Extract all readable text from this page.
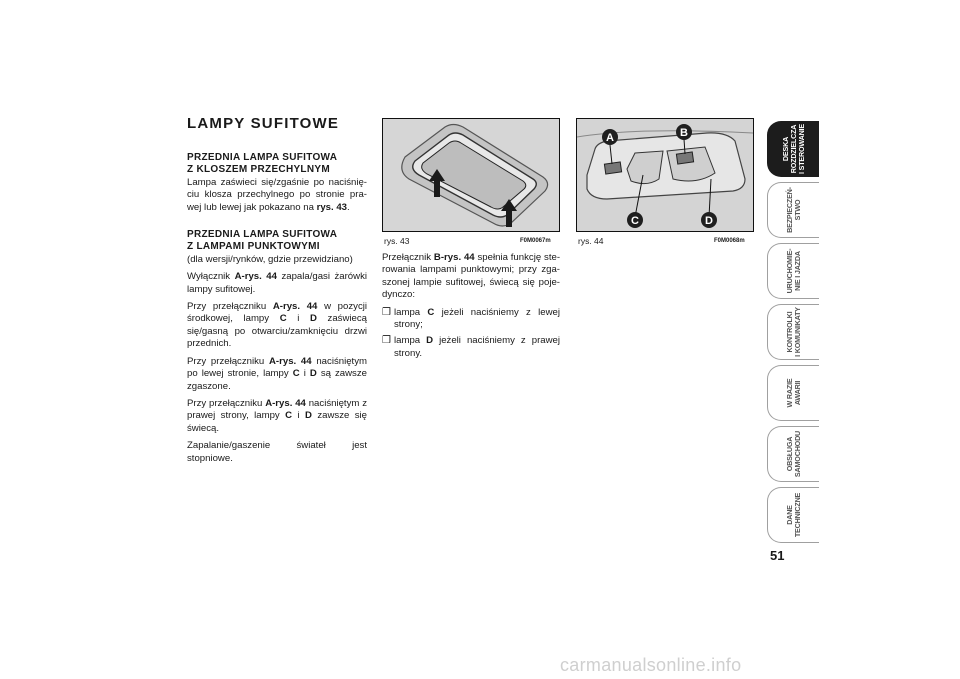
LAMPY SUFITOWE
PRZEDNIA LAMPA SUFITOWA
Z KLOSZEM PRZECHYLNYM

Lampa zaświeci się/zgaśnie po naciśnię-ciu klosza przechylnego po stronie pra-wej lub lewej jak pokazano na rys. 43.

PRZEDNIA LAMPA SUFITOWA
Z LAMPAMI PUNKTOWYMI

(dla wersji/rynków, gdzie przewidziano)

Wyłącznik A-rys. 44 zapala/gasi żarówki lampy sufitowej.

Przy przełączniku A-rys. 44 w pozycji środkowej, lampy C i D zaświecą się/gasną po otwarciu/zamknięciu drzwi przednich.

Przy przełączniku A-rys. 44 naciśniętym po lewej stronie, lampy C i D są zawsze zgaszone.

Przy przełączniku A-rys. 44 naciśniętym z prawej strony, lampy C i D zawsze się świecą.

Zapalanie/gaszenie świateł jest stopniowe.

rys. 43	F0M0067m
A	B
C	D
rys. 44	F0M0068m

Przełącznik B-rys. 44 spełnia funkcję ste-rowania lampami punktowymi; przy zga-szonej lampie sufitowej, świecą się poje-dynczo:

❒ lampa C jeżeli naciśniemy z lewej strony;
❒ lampa D jeżeli naciśniemy z prawej strony.
DESKA
ROZDZIELCZA
I STEROWANIE
BEZPIECZEŃ-
STWO
URUCHOMIE-
NIE I JAZDA
KONTROLKI
I KOMUNIKATY
W RAZIE
AWARII
OBSŁUGA
SAMOCHODU
DANE
TECHNICZNE
51
carmanualsonline.info
